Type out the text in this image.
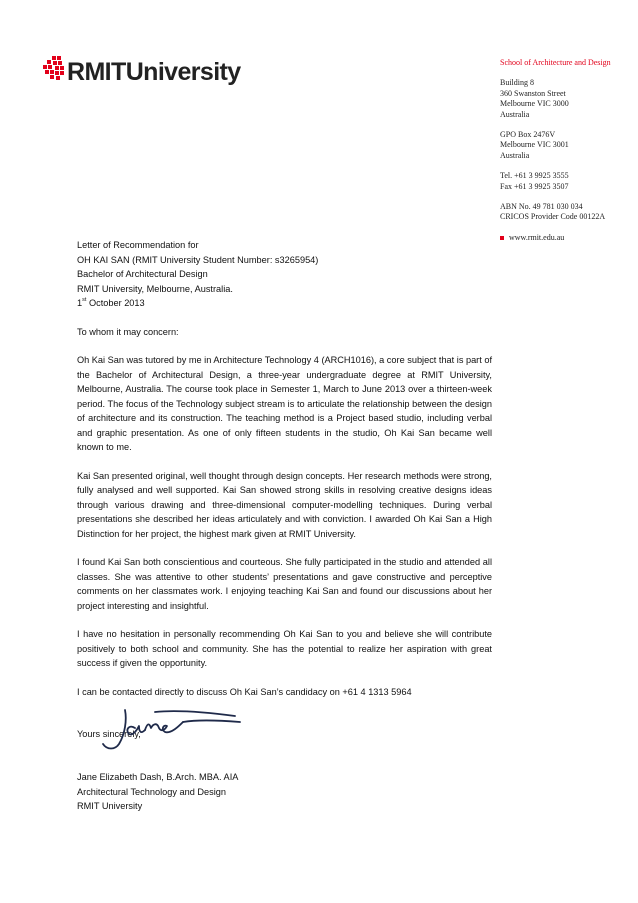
RMITUniversity	School of Architecture and Design
Building 8
360 Swanston Street
Melbourne VIC 3000
Australia
GPO Box 2476V
Melbourne VIC 3001
Australia
Tel. +61 3 9925 3555
Fax +61 3 9925 3507
ABN No. 49 781 030 034
CRICOS Provider Code 00122A
www.rmit.edu.au

Letter of Recommendation for

OH KAI SAN (RMIT University Student Number: s3265954)

Bachelor of Architectural Design

RMIT University, Melbourne, Australia.

1st October 2013

To whom it may concern:

Oh Kai San was tutored by me in Architecture Technology 4 (ARCH1016), a core subject that is part of the Bachelor of Architectural Design, a three-year undergraduate degree at RMIT University, Melbourne, Australia. The course took place in Semester 1, March to June 2013 over a thirteen-week period. The focus of the Technology subject stream is to articulate the relationship between the design of architecture and its construction. The teaching method is a Project based studio, including verbal and graphic presentation. As one of only fifteen students in the studio, Oh Kai San became well known to me.

Kai San presented original, well thought through design concepts. Her research methods were strong, fully analysed and well supported. Kai San showed strong skills in resolving creative designs ideas through various drawing and three-dimensional computer-modelling techniques. During verbal presentations she described her ideas articulately and with conviction. I awarded Oh Kai San a High Distinction for her project, the highest mark given at RMIT University.

I found Kai San both conscientious and courteous. She fully participated in the studio and attended all classes. She was attentive to other students’ presentations and gave constructive and perceptive comments on her classmates work. I enjoying teaching Kai San and found our discussions about her project interesting and insightful.

I have no hesitation in personally recommending Oh Kai San to you and believe she will contribute positively to both school and community. She has the potential to realize her aspiration with great success if given the opportunity.

I can be contacted directly to discuss Oh Kai San’s candidacy on +61 4 1313 5964

Yours sincerely,

Jane Elizabeth Dash, B.Arch. MBA. AIA

Architectural Technology and Design

RMIT University
